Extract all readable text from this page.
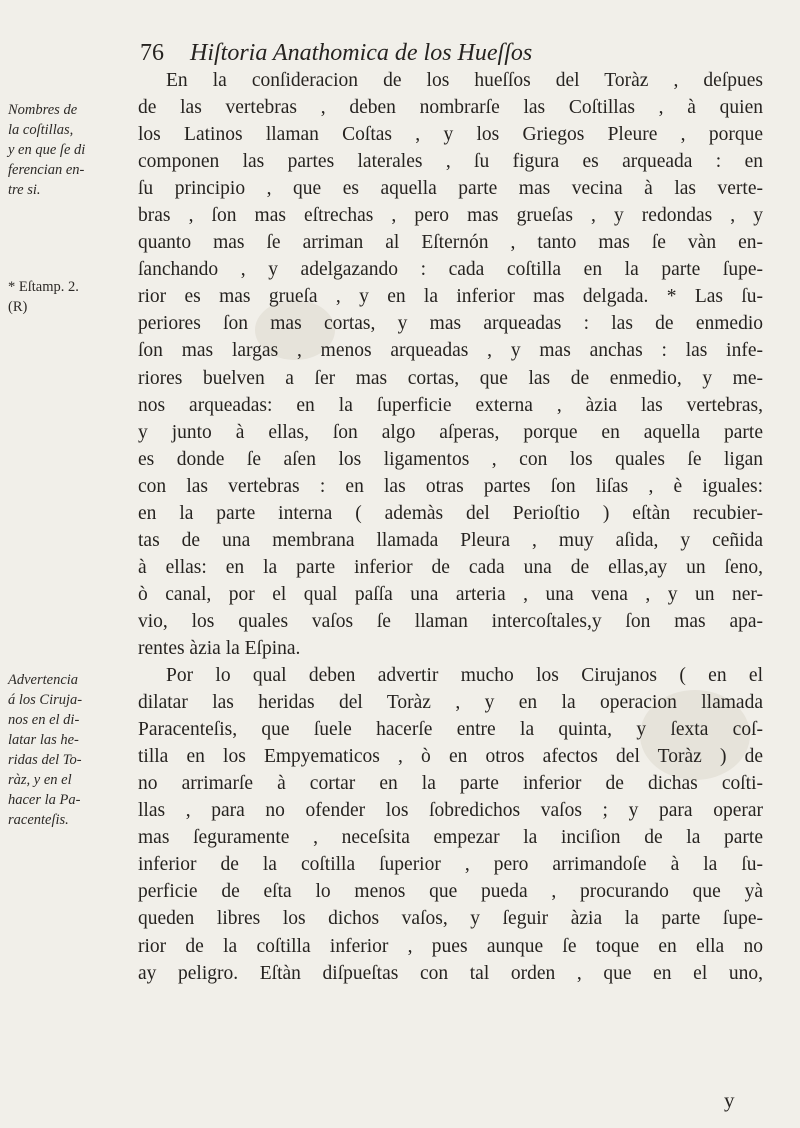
76 Hiſtoria Anathomica de los Hueſſos
Nombres de
la coſtillas,
y en que ſe di
ferencian en-
tre si.
* Eſtamp. 2.
(R)
Advertencia
á los Ciruja-
nos en el di-
latar las he-
ridas del To-
ràz, y en el
hacer la Pa-
racenteſis.
En la conſideracion de los hueſſos del Toràz , deſpues
de las vertebras , deben nombrarſe las Coſtillas , à quien
los Latinos llaman Coſtas , y los Griegos Pleure , porque
componen las partes laterales , ſu figura es arqueada : en
ſu principio , que es aquella parte mas vecina à las verte-
bras , ſon mas eſtrechas , pero mas grueſas , y redondas , y
quanto mas ſe arriman al Eſternón , tanto mas ſe vàn en-
ſanchando , y adelgazando : cada coſtilla en la parte ſupe-
rior es mas grueſa , y en la inferior mas delgada. * Las ſu-
periores ſon mas cortas, y mas arqueadas : las de enmedio
ſon mas largas , menos arqueadas , y mas anchas : las infe-
riores buelven a ſer mas cortas, que las de enmedio, y me-
nos arqueadas: en la ſuperficie externa , àzia las vertebras,
y junto à ellas, ſon algo aſperas, porque en aquella parte
es donde ſe aſen los ligamentos , con los quales ſe ligan
con las vertebras : en las otras partes ſon liſas , è iguales:
en la parte interna ( ademàs del Perioſtio ) eſtàn recubier-
tas de una membrana llamada Pleura , muy aſida, y ceñida
à ellas: en la parte inferior de cada una de ellas,ay un ſeno,
ò canal, por el qual paſſa una arteria , una vena , y un ner-
vio, los quales vaſos ſe llaman intercoſtales,y ſon mas apa-
rentes àzia la Eſpina.
Por lo qual deben advertir mucho los Cirujanos ( en el
dilatar las heridas del Toràz , y en la operacion llamada
Paracenteſis, que ſuele hacerſe entre la quinta, y ſexta coſ-
tilla en los Empyematicos , ò en otros afectos del Toràz ) de
no arrimarſe à cortar en la parte inferior de dichas coſti-
llas , para no ofender los ſobredichos vaſos ; y para operar
mas ſeguramente , neceſsita empezar la inciſion de la parte
inferior de la coſtilla ſuperior , pero arrimandoſe à la ſu-
perficie de eſta lo menos que pueda , procurando que yà
queden libres los dichos vaſos, y ſeguir àzia la parte ſupe-
rior de la coſtilla inferior , pues aunque ſe toque en ella no
ay peligro. Eſtàn diſpueſtas con tal orden , que en el uno,
y
